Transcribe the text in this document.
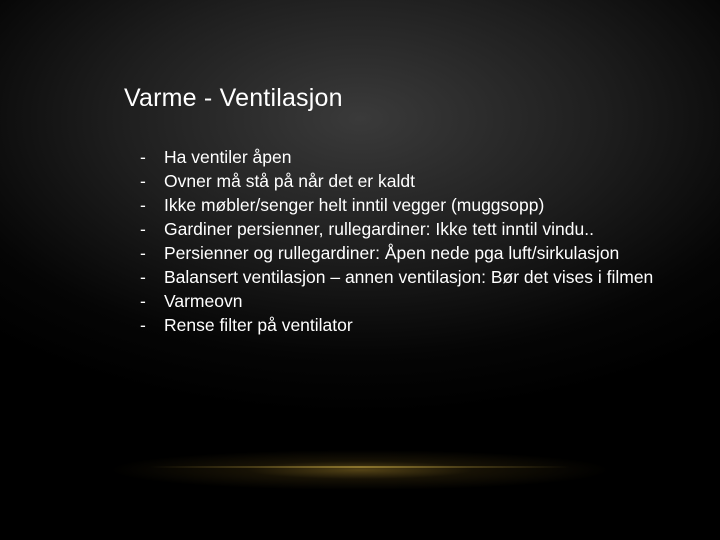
Varme - Ventilasjon
-	Ha ventiler åpen
-	Ovner må stå på når det er kaldt
-	Ikke møbler/senger helt inntil vegger (muggsopp)
-	Gardiner persienner, rullegardiner: Ikke tett inntil vindu..
-	Persienner og rullegardiner: Åpen nede pga luft/sirkulasjon
-	Balansert ventilasjon – annen ventilasjon: Bør det vises i filmen
-	Varmeovn
-	Rense filter på ventilator
